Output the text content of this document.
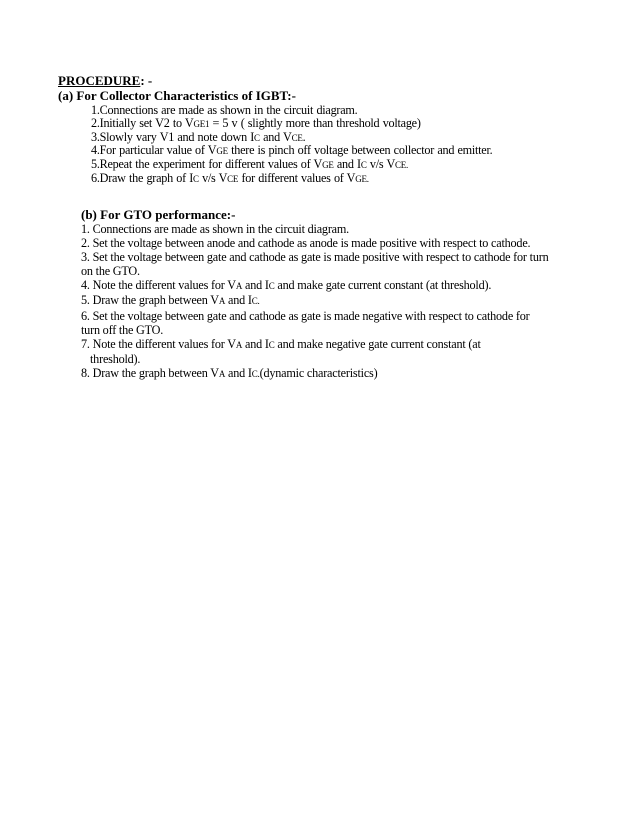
PROCEDURE: -
(a) For Collector Characteristics of IGBT:-
1.Connections are made as shown in the circuit diagram.
2.Initially set V2 to VGE1 = 5 v ( slightly more than threshold voltage)
3.Slowly vary V1 and note down IC and VCE.
4.For particular value of VGE there is pinch off voltage between collector and emitter.
5.Repeat the experiment for different values of VGE and IC v/s VCE.
6.Draw the graph of IC v/s VCE for different values of VGE.
(b) For GTO performance:-
1. Connections are made as shown in the circuit diagram.
2. Set the voltage between anode and cathode as anode is made positive with respect to cathode.
3. Set the voltage between gate and cathode as gate is made positive with respect to cathode for turn on the GTO.
4. Note the different values for VA and IC and make gate current constant (at threshold).
5. Draw the graph between VA and IC.
6. Set the voltage between gate and cathode as gate is made negative with respect to cathode for turn off the GTO.
7. Note the different values for VA and IC and make negative gate current constant (at
threshold).
8. Draw the graph between VA and IC.(dynamic characteristics)
